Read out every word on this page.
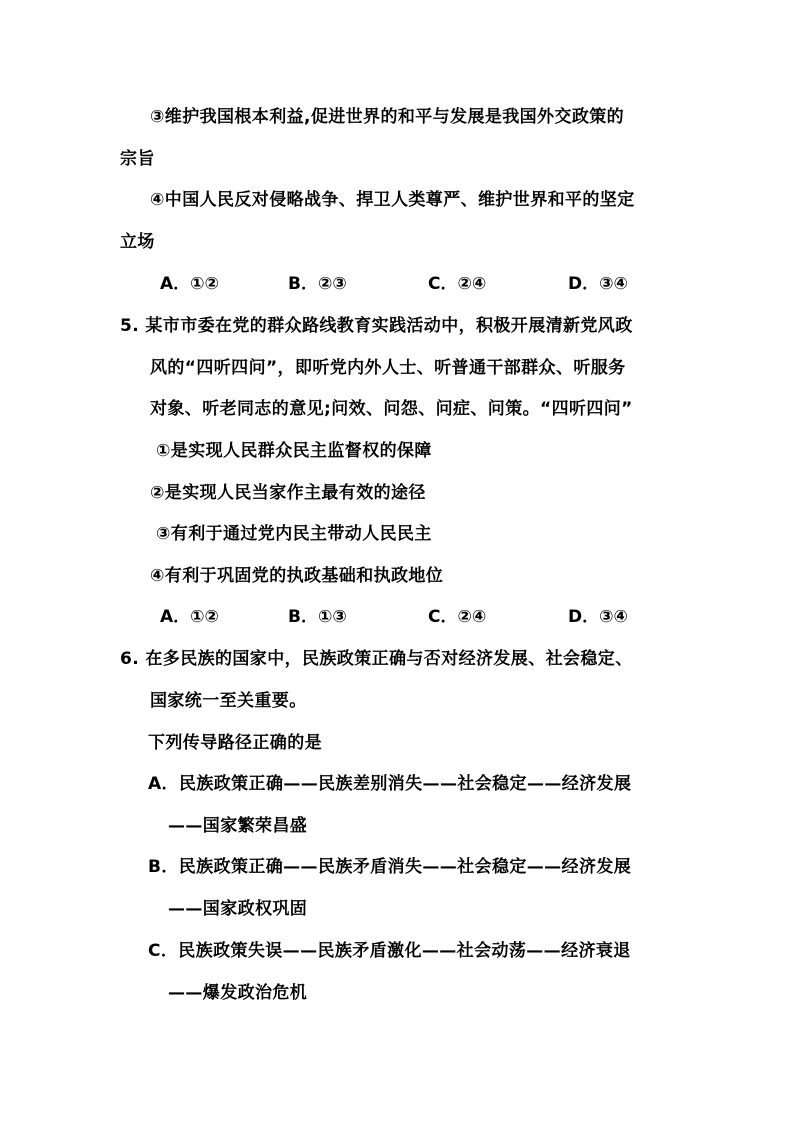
③维护我国根本利益,促进世界的和平与发展是我国外交政策的
宗旨
④中国人民反对侵略战争、捍卫人类尊严、维护世界和平的坚定
立场
A．①②	B．②③	C．②④	D．③④
5. 某市市委在党的群众路线教育实践活动中，积极开展清新党风政
风的“四听四问”，即听党内外人士、听普通干部群众、听服务
对象、听老同志的意见;问效、问怨、问症、问策。“四听四问”
①是实现人民群众民主监督权的保障
②是实现人民当家作主最有效的途径
③有利于通过党内民主带动人民民主
④有利于巩固党的执政基础和执政地位
A．①②	B．①③	C．②④	D．③④
6. 在多民族的国家中，民族政策正确与否对经济发展、社会稳定、
国家统一至关重要。
下列传导路径正确的是
A．民族政策正确——民族差别消失——社会稳定——经济发展
——国家繁荣昌盛
B．民族政策正确——民族矛盾消失——社会稳定——经济发展
——国家政权巩固
C．民族政策失误——民族矛盾激化——社会动荡——经济衰退
——爆发政治危机
